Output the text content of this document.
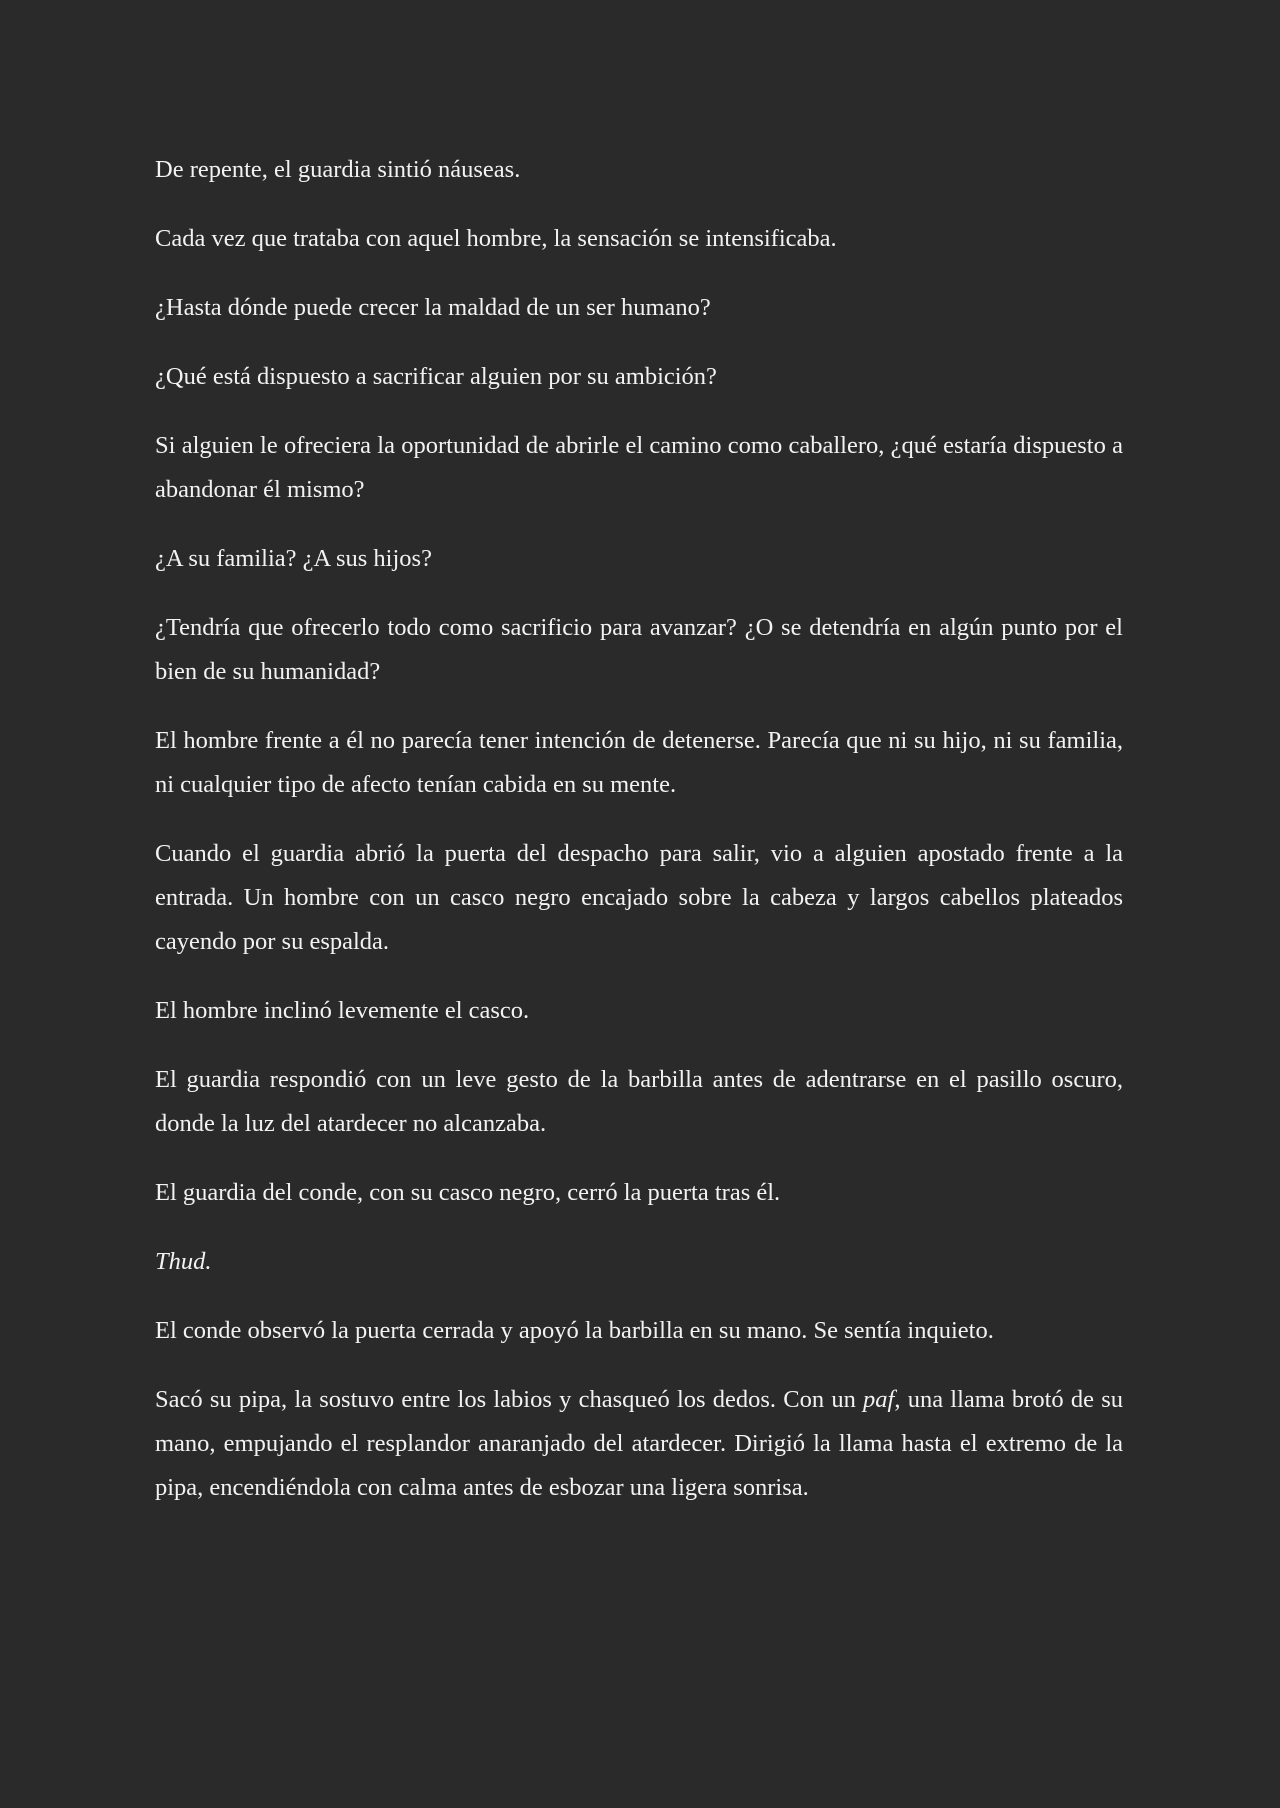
De repente, el guardia sintió náuseas.

Cada vez que trataba con aquel hombre, la sensación se intensificaba.

¿Hasta dónde puede crecer la maldad de un ser humano?

¿Qué está dispuesto a sacrificar alguien por su ambición?

Si alguien le ofreciera la oportunidad de abrirle el camino como caballero, ¿qué estaría dispuesto a abandonar él mismo?

¿A su familia? ¿A sus hijos?

¿Tendría que ofrecerlo todo como sacrificio para avanzar? ¿O se detendría en algún punto por el bien de su humanidad?

El hombre frente a él no parecía tener intención de detenerse. Parecía que ni su hijo, ni su familia, ni cualquier tipo de afecto tenían cabida en su mente.

Cuando el guardia abrió la puerta del despacho para salir, vio a alguien apostado frente a la entrada. Un hombre con un casco negro encajado sobre la cabeza y largos cabellos plateados cayendo por su espalda.

El hombre inclinó levemente el casco.

El guardia respondió con un leve gesto de la barbilla antes de adentrarse en el pasillo oscuro, donde la luz del atardecer no alcanzaba.

El guardia del conde, con su casco negro, cerró la puerta tras él.

Thud.

El conde observó la puerta cerrada y apoyó la barbilla en su mano. Se sentía inquieto.

Sacó su pipa, la sostuvo entre los labios y chasqueó los dedos. Con un paf, una llama brotó de su mano, empujando el resplandor anaranjado del atardecer. Dirigió la llama hasta el extremo de la pipa, encendiéndola con calma antes de esbozar una ligera sonrisa.
